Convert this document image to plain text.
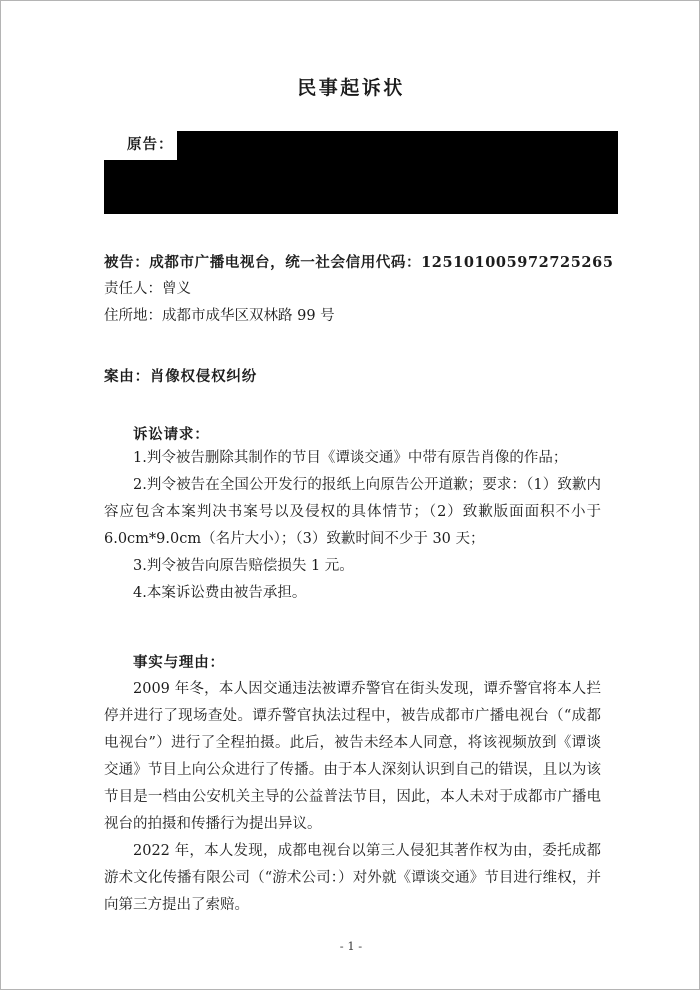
民事起诉状
原告：
被告：成都市广播电视台，统一社会信用代码：125101005972725265
责任人：曾义
住所地：成都市成华区双林路 99 号
案由：肖像权侵权纠纷
诉讼请求：

1.判令被告删除其制作的节目《谭谈交通》中带有原告肖像的作品；

2.判令被告在全国公开发行的报纸上向原告公开道歉；要求：（1）致歉内容应包含本案判决书案号以及侵权的具体情节；（2）致歉版面面积不小于 6.0cm*9.0cm（名片大小）；（3）致歉时间不少于 30 天；

3.判令被告向原告赔偿损失 1 元。

4.本案诉讼费由被告承担。

事实与理由：

2009 年冬，本人因交通违法被谭乔警官在街头发现，谭乔警官将本人拦停并进行了现场查处。谭乔警官执法过程中，被告成都市广播电视台（“成都电视台”）进行了全程拍摄。此后，被告未经本人同意，将该视频放到《谭谈交通》节目上向公众进行了传播。由于本人深刻认识到自己的错误，且以为该节目是一档由公安机关主导的公益普法节目，因此，本人未对于成都市广播电视台的拍摄和传播行为提出异议。

2022 年，本人发现，成都电视台以第三人侵犯其著作权为由，委托成都游术文化传播有限公司（“游术公司：）对外就《谭谈交通》节目进行维权，并向第三方提出了索赔。

- 1 -
